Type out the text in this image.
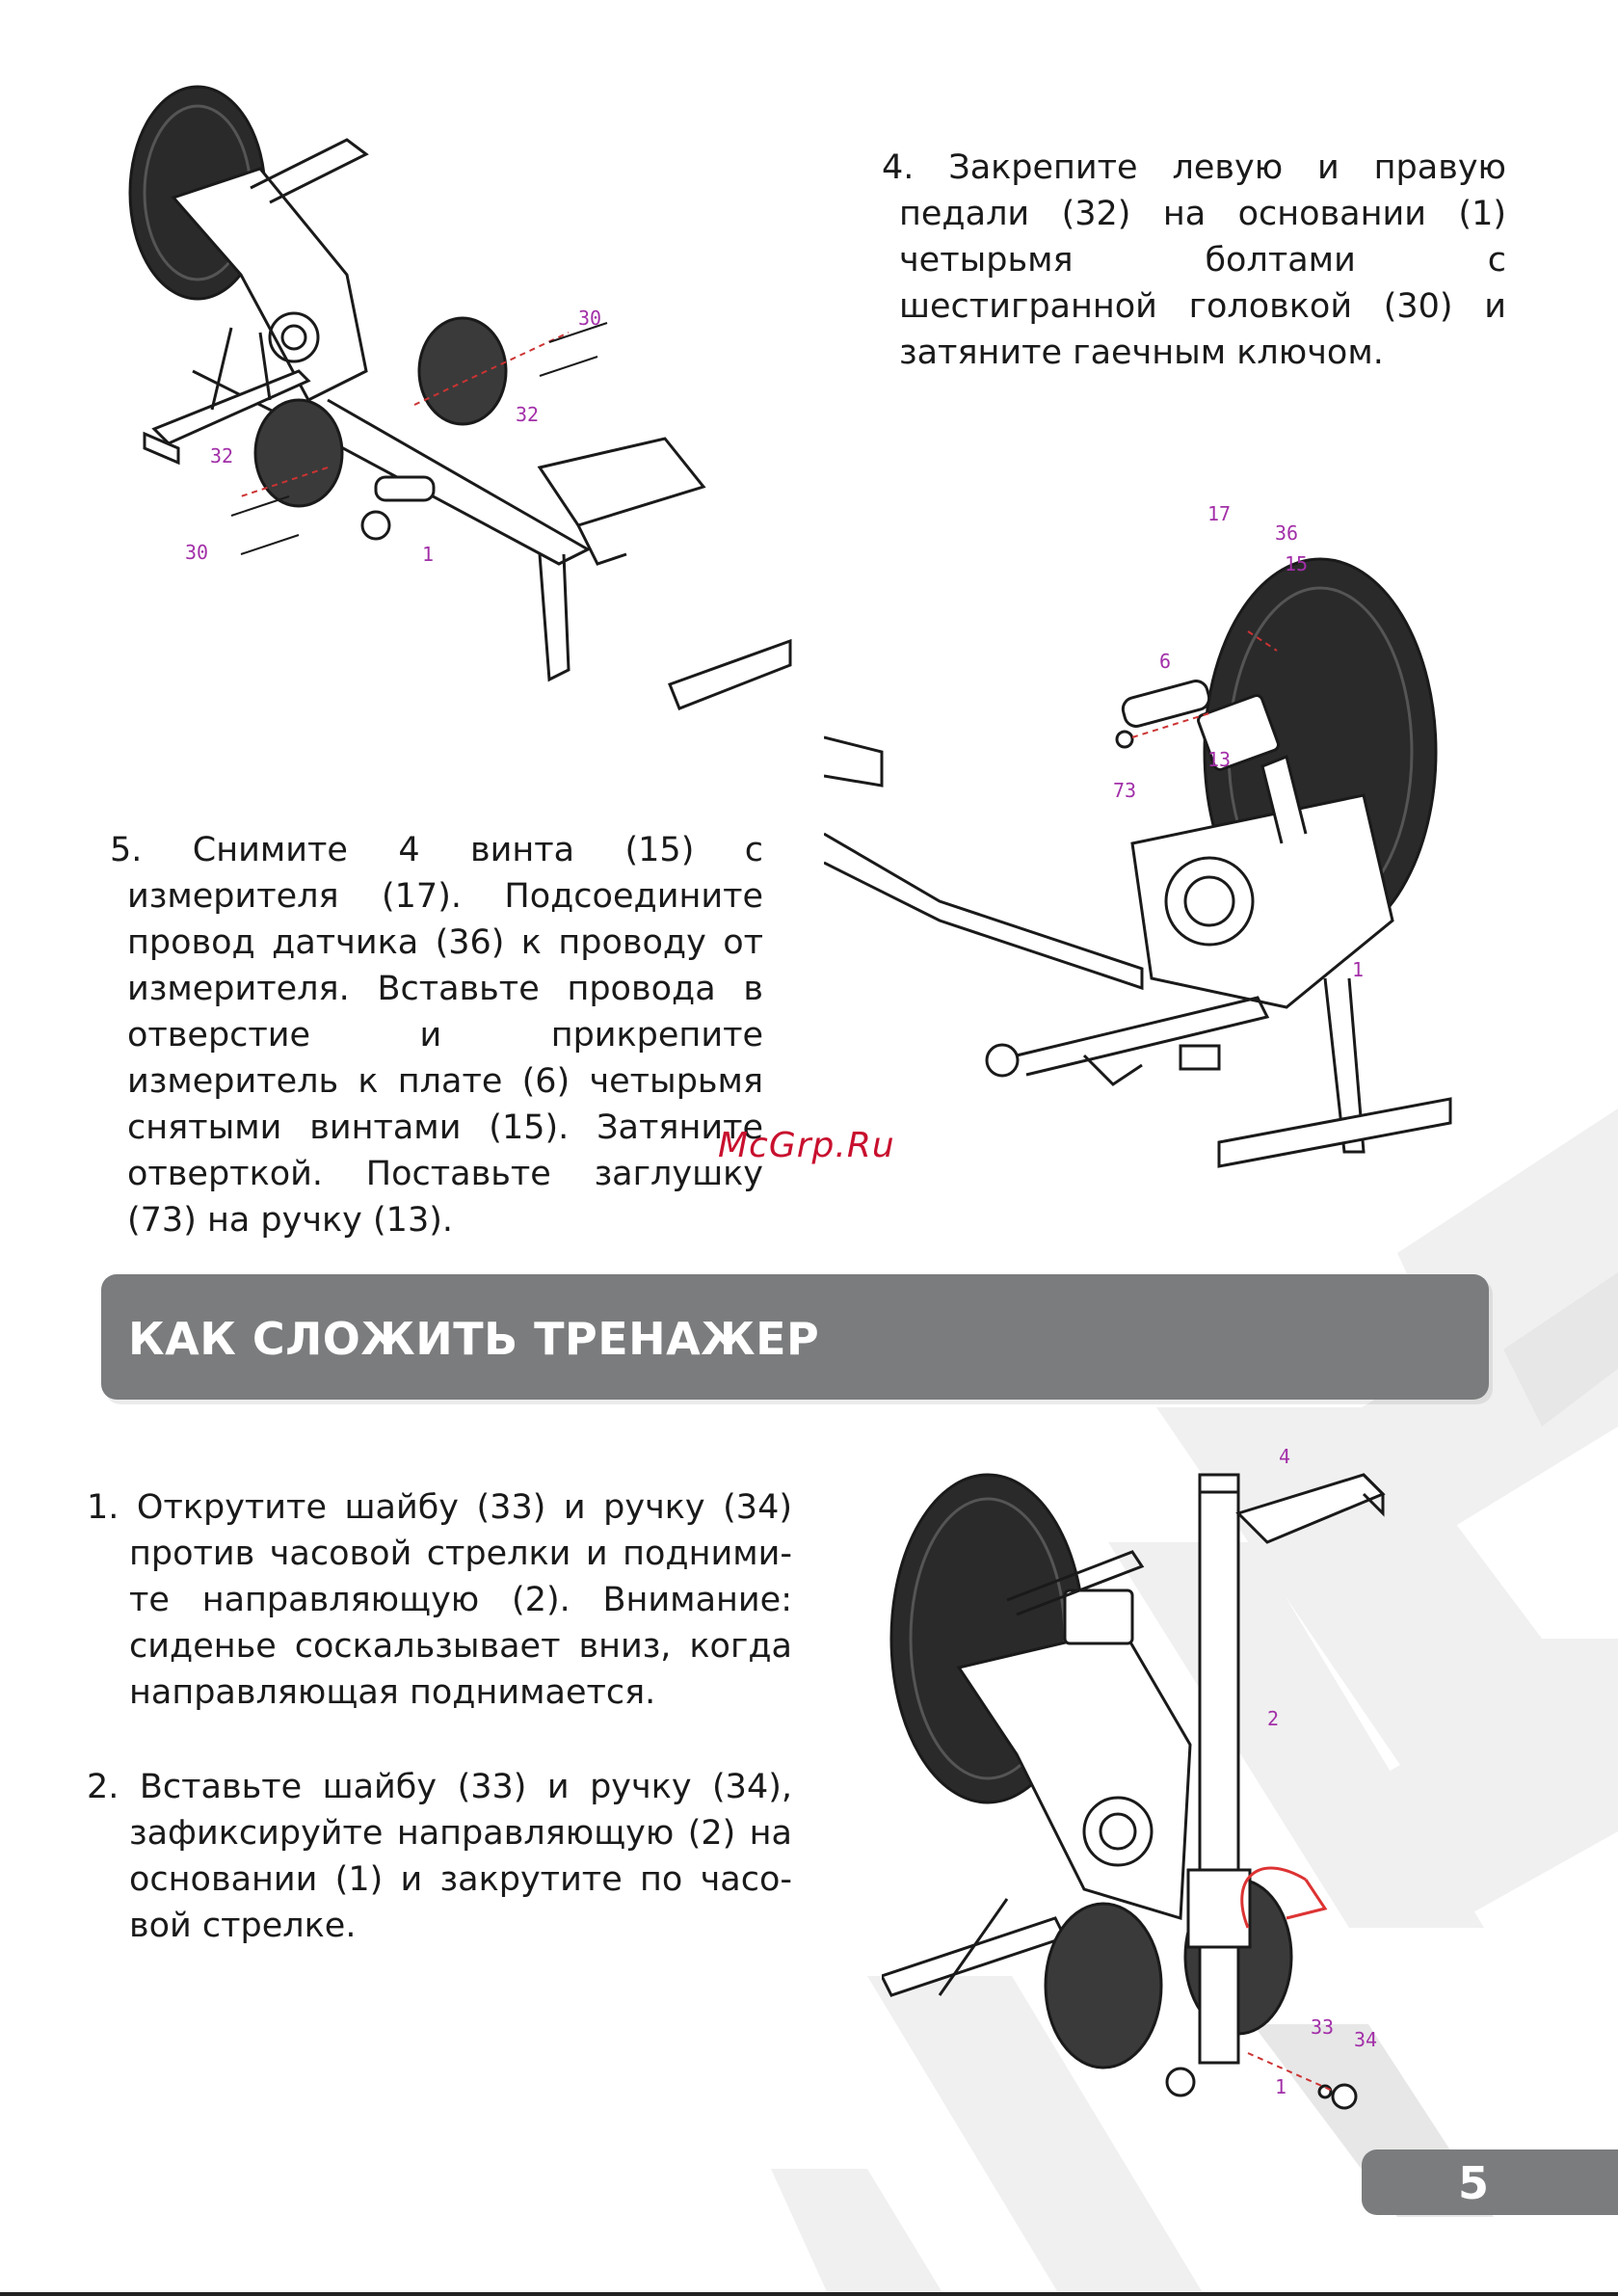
30
32
32
30	1
17
36
15
6
13
73
1

4. Закрепите левую и правую педали (32) на основании (1) четырьмя болтами с шестигранной головкой (30) и затяните гаечным ключом.

5. Снимите 4 винта (15) с измерителя (17). Подсоедините провод датчика (36) к проводу от измерителя. Вставьте провода в отверстие и прикрепите измеритель к плате (6) четырьмя снятыми винтами (15). Затяните отверткой. Поставьте заглушку (73) на ручку (13).

McGrp.Ru
КАК СЛОЖИТЬ ТРЕНАЖЕР

1. Открутите шайбу (33) и ручку (34) против часовой стрелки и подними-те направляющую (2). Внимание: сиденье соскальзывает вниз, когда направляющая поднимается.

2. Вставьте шайбу (33) и ручку (34), зафиксируйте направляющую (2) на основании (1) и закрутите по часо-вой стрелке.

4
2
33
34
1

5
